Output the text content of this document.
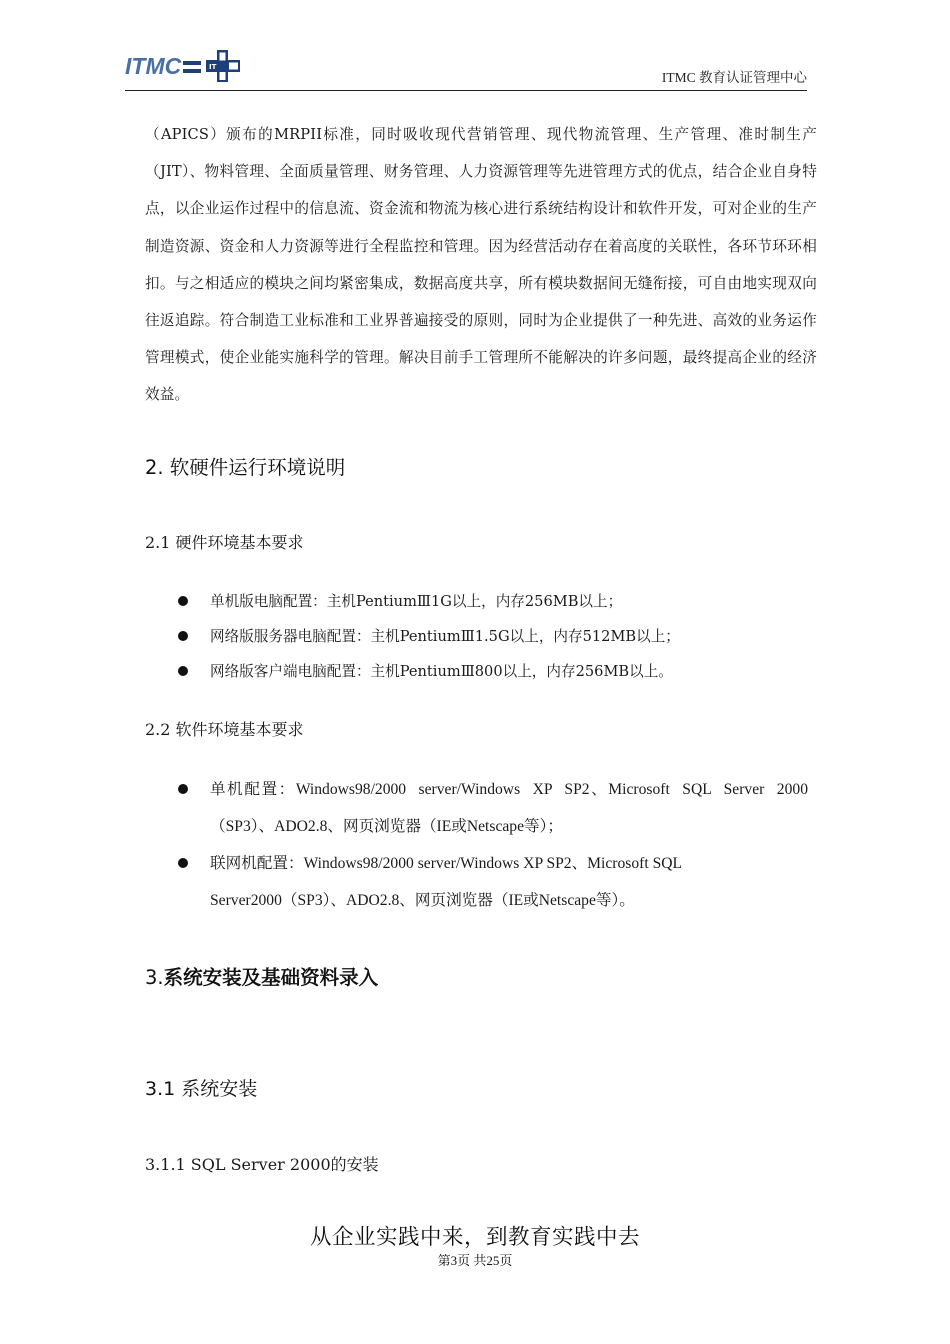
ITMC	IT
ITMC 教育认证管理中心

（APICS）颁布的MRPII标准，同时吸收现代营销管理、现代物流管理、生产管理、准时制生产（JIT）、物料管理、全面质量管理、财务管理、人力资源管理等先进管理方式的优点，结合企业自身特点，以企业运作过程中的信息流、资金流和物流为核心进行系统结构设计和软件开发，可对企业的生产制造资源、资金和人力资源等进行全程监控和管理。因为经营活动存在着高度的关联性，各环节环环相扣。与之相适应的模块之间均紧密集成，数据高度共享，所有模块数据间无缝衔接，可自由地实现双向往返追踪。符合制造工业标准和工业界普遍接受的原则，同时为企业提供了一种先进、高效的业务运作管理模式，使企业能实施科学的管理。解决目前手工管理所不能解决的许多问题，最终提高企业的经济效益。

2. 软硬件运行环境说明
2.1 硬件环境基本要求
单机版电脑配置：主机PentiumⅢ1G以上，内存256MB以上；
网络版服务器电脑配置：主机PentiumⅢ1.5G以上，内存512MB以上；
网络版客户端电脑配置：主机PentiumⅢ800以上，内存256MB以上。
2.2 软件环境基本要求
单机配置：Windows98/2000 server/Windows XP SP2、Microsoft SQL Server 2000（SP3）、ADO2.8、网页浏览器（IE或Netscape等）；
联网机配置：Windows98/2000 server/Windows XP SP2、Microsoft SQL Server2000（SP3）、ADO2.8、网页浏览器（IE或Netscape等）。
3.系统安装及基础资料录入
3.1 系统安装
3.1.1 SQL Server 2000的安装
从企业实践中来，到教育实践中去
第3页 共25页
